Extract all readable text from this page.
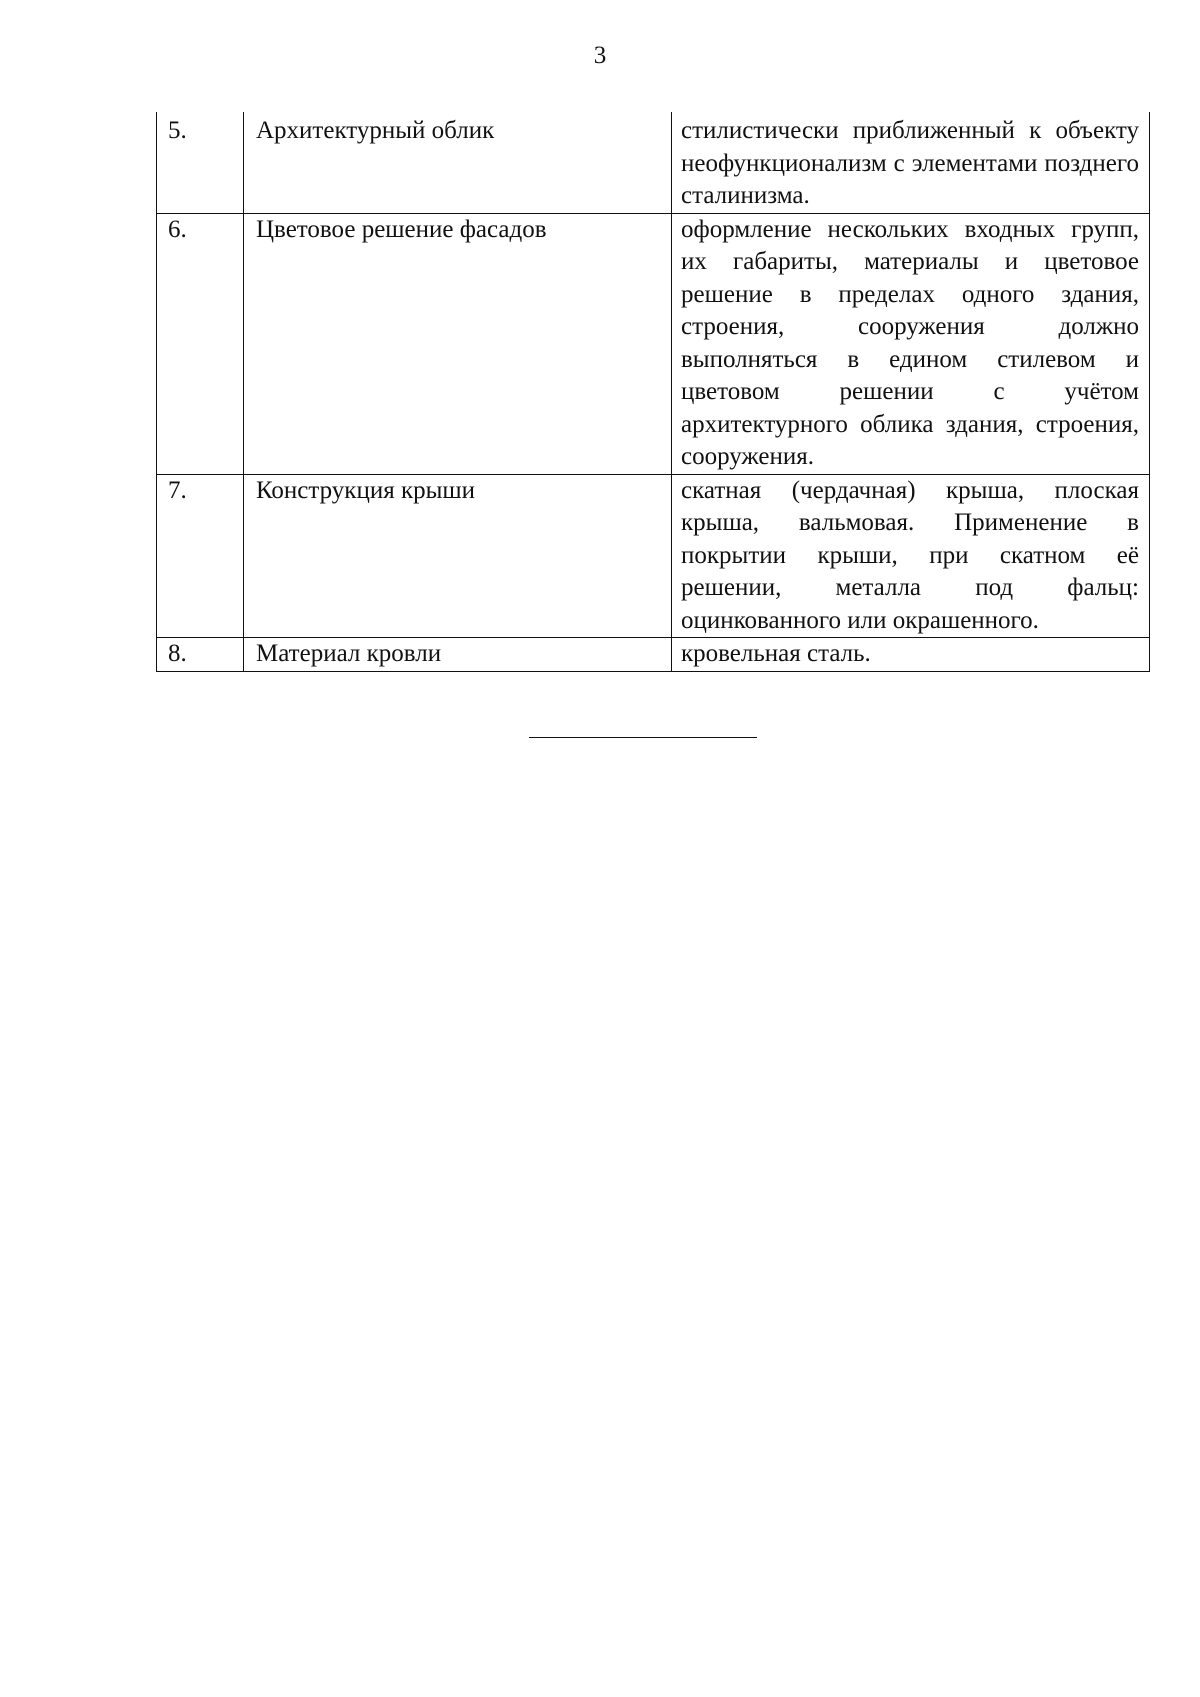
3
5.	Архитектурный облик	стилистически приближенный к объекту неофункционализм с элементами позднего сталинизма.
6.	Цветовое решение фасадов	оформление нескольких входных групп, их габариты, материалы и цветовое решение в пределах одного здания, строения, сооружения должно выполняться в едином стилевом и цветовом решении с учётом архитектурного облика здания, строения, сооружения.
7.	Конструкция крыши	скатная (чердачная) крыша, плоская крыша, вальмовая. Применение в покрытии крыши, при скатном её решении, металла под фальц: оцинкованного или окрашенного.
8.	Материал кровли	кровельная сталь.
